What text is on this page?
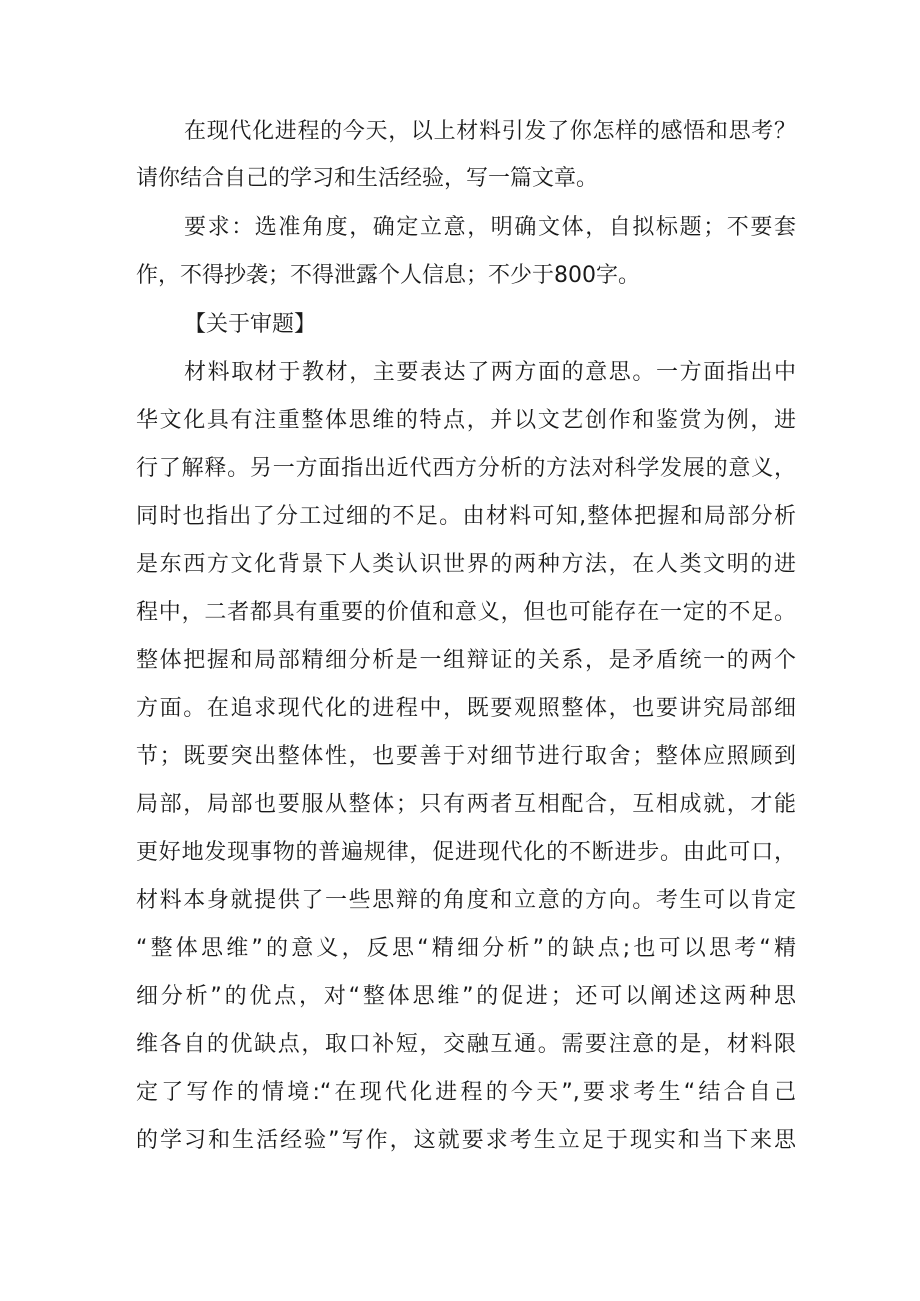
在现代化进程的今天，以上材料引发了你怎样的感悟和思考？
请你结合自己的学习和生活经验，写一篇文章。
要求：选准角度，确定立意，明确文体，自拟标题；不要套
作，不得抄袭；不得泄露个人信息；不少于800字。
【关于审题】
材料取材于教材，主要表达了两方面的意思。一方面指出中
华文化具有注重整体思维的特点，并以文艺创作和鉴赏为例，进
行了解释。另一方面指出近代西方分析的方法对科学发展的意义，
同时也指出了分工过细的不足。由材料可知,整体把握和局部分析
是东西方文化背景下人类认识世界的两种方法，在人类文明的进
程中，二者都具有重要的价值和意义，但也可能存在一定的不足。
整体把握和局部精细分析是一组辩证的关系，是矛盾统一的两个
方面。在追求现代化的进程中，既要观照整体，也要讲究局部细
节；既要突出整体性，也要善于对细节进行取舍；整体应照顾到
局部，局部也要服从整体；只有两者互相配合，互相成就，才能
更好地发现事物的普遍规律，促进现代化的不断进步。由此可口，
材料本身就提供了一些思辩的角度和立意的方向。考生可以肯定
“整体思维”的意义，反思“精细分析”的缺点;也可以思考“精
细分析”的优点，对“整体思维”的促进；还可以阐述这两种思
维各自的优缺点，取口补短，交融互通。需要注意的是，材料限
定了写作的情境:“在现代化进程的今天”,要求考生“结合自己
的学习和生活经验”写作，这就要求考生立足于现实和当下来思
